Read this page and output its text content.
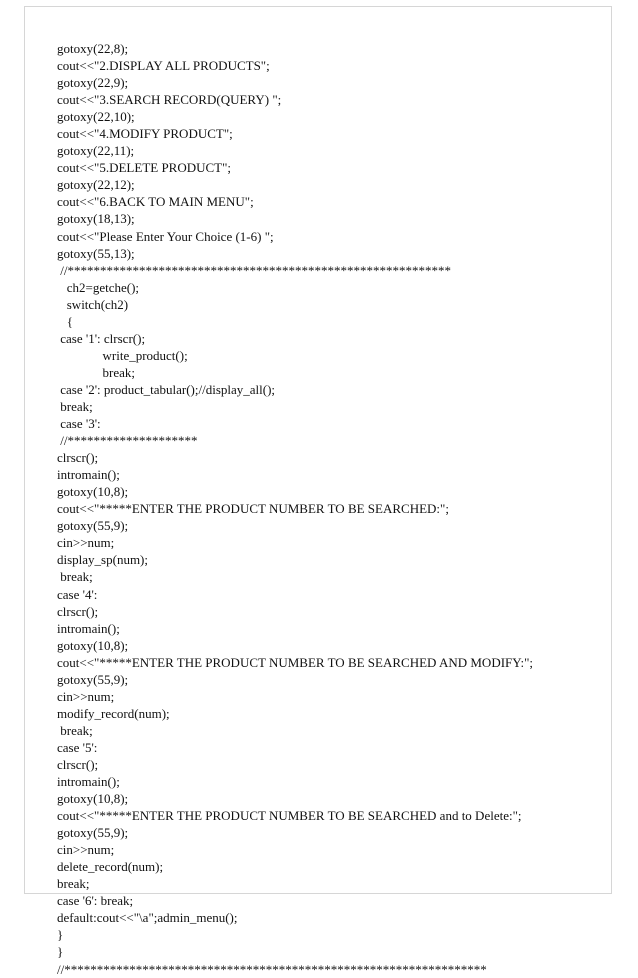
gotoxy(22,8);
cout<<"2.DISPLAY ALL PRODUCTS";
gotoxy(22,9);
cout<<"3.SEARCH RECORD(QUERY) ";
gotoxy(22,10);
cout<<"4.MODIFY PRODUCT";
gotoxy(22,11);
cout<<"5.DELETE PRODUCT";
gotoxy(22,12);
cout<<"6.BACK TO MAIN MENU";
gotoxy(18,13);
cout<<"Please Enter Your Choice (1-6) ";
gotoxy(55,13);
//***********************************************************
ch2=getche();
switch(ch2)
{
case '1': clrscr();
write_product();
break;
case '2': product_tabular();//display_all();
break;
case '3':
//********************
clrscr();
intromain();
gotoxy(10,8);
cout<<"*****ENTER THE PRODUCT NUMBER TO BE SEARCHED:";
gotoxy(55,9);
cin>>num;
display_sp(num);
break;
case '4':
clrscr();
intromain();
gotoxy(10,8);
cout<<"*****ENTER THE PRODUCT NUMBER TO BE SEARCHED AND MODIFY:";
gotoxy(55,9);
cin>>num;
modify_record(num);
break;
case '5':
clrscr();
intromain();
gotoxy(10,8);
cout<<"*****ENTER THE PRODUCT NUMBER TO BE SEARCHED and to Delete:";
gotoxy(55,9);
cin>>num;
delete_record(num);
break;
case '6': break;
default:cout<<"\a";admin_menu();
}
}
//*****************************************************************
